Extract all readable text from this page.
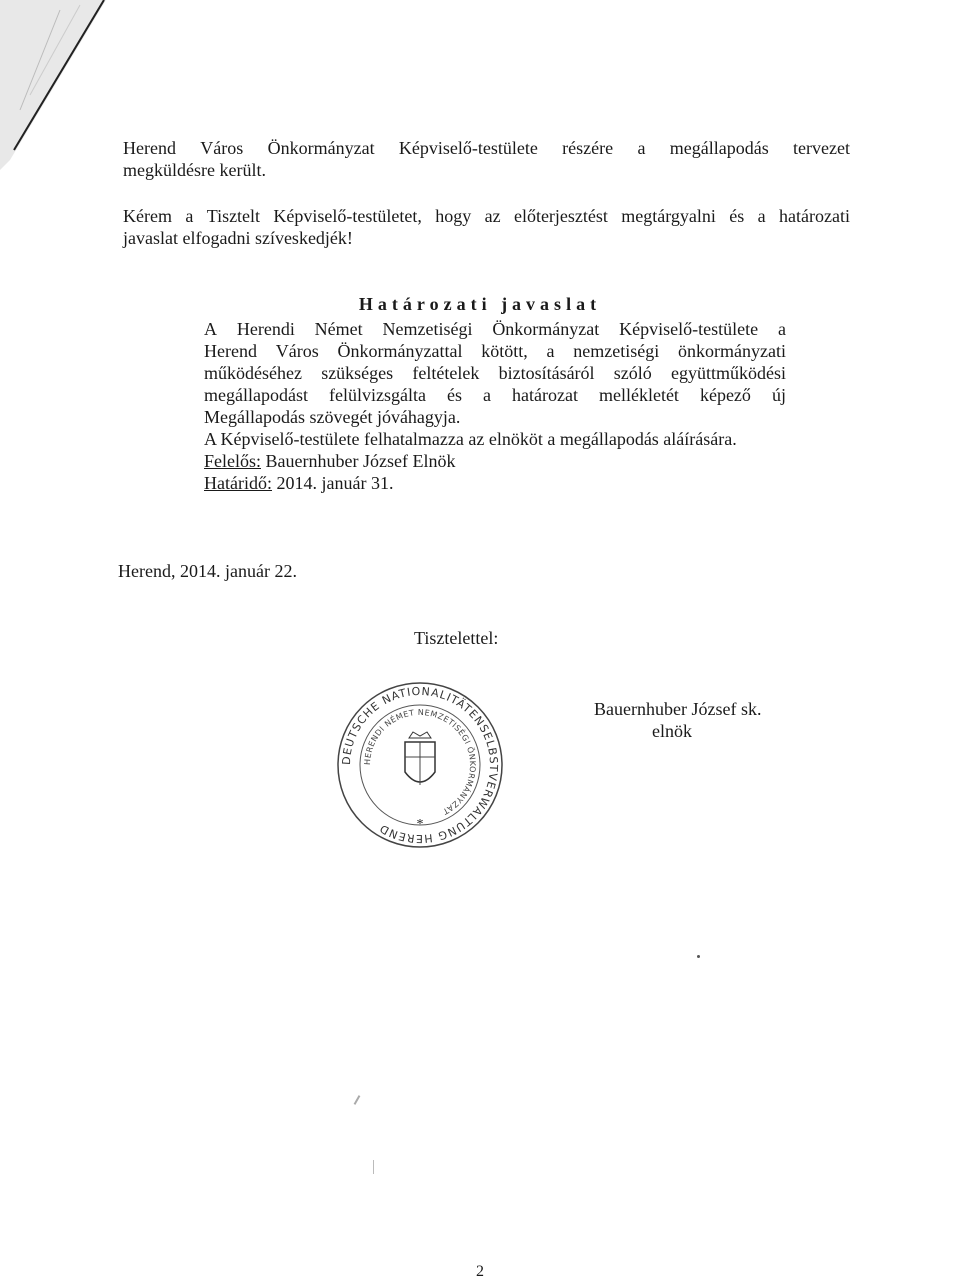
Herend Város Önkormányzat Képviselő-testülete részére a megállapodás tervezet
megküldésre került.
Kérem a Tisztelt Képviselő-testületet, hogy az előterjesztést megtárgyalni és a határozati
javaslat elfogadni szíveskedjék!
Határozati javaslat
A Herendi Német Nemzetiségi Önkormányzat Képviselő-testülete a
Herend Város Önkormányzattal kötött, a nemzetiségi önkormányzati
működéséhez szükséges feltételek biztosításáról szóló együttműködési
megállapodást felülvizsgálta és a határozat mellékletét képező új
Megállapodás szövegét jóváhagyja.
A Képviselő-testülete felhatalmazza az elnököt a megállapodás aláírására.
Felelős: Bauernhuber József Elnök
Határidő: 2014. január 31.
Herend, 2014. január 22.
Tisztelettel:
DEUTSCHE NATIONALITÄTENSELBSTVERWALTUNG HEREND
HERENDI NÉMET NEMZETISÉGI ÖNKORMÁNYZAT
*
Bauernhuber József sk.
elnök
2
